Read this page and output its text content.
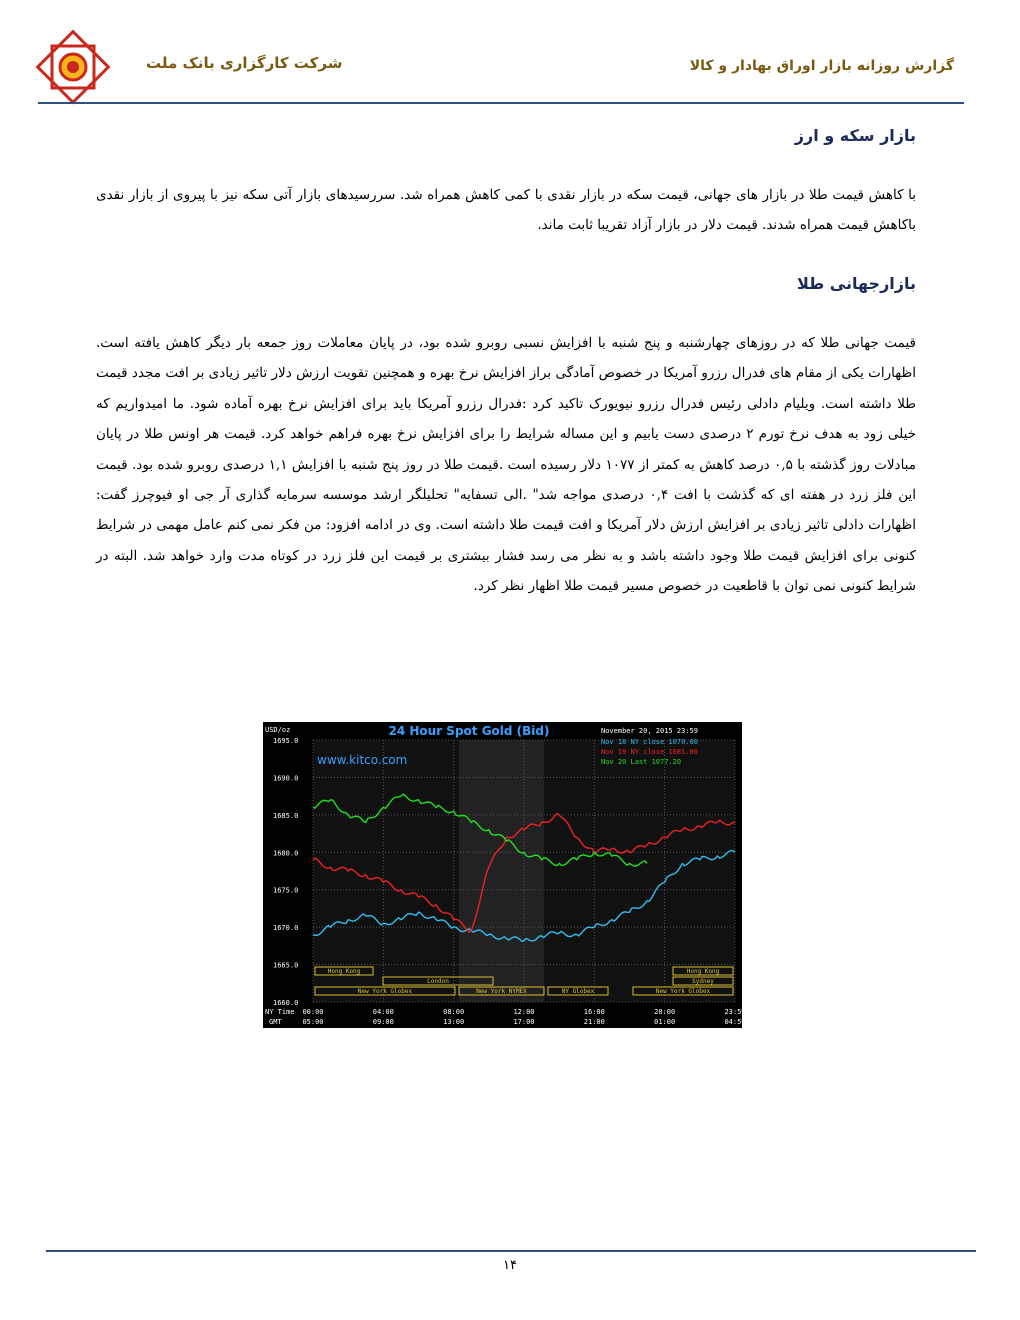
شرکت کارگزاری بانک ملت	گزارش روزانه بازار اوراق بهادار و کالا
بازار سکه و ارز

با کاهش قیمت طلا در بازار های جهانی، قیمت سکه در بازار نقدی با کمی کاهش همراه شد. سررسیدهای بازار آتی سکه نیز با پیروی از بازار نقدی باکاهش قیمت همراه شدند. قیمت دلار در بازار آزاد تقریبا ثابت ماند.

بازارجهانی طلا

قیمت جهانی طلا که در روزهای چهارشنبه و پنج شنبه با افزایش نسبی روبرو شده بود، در پایان معاملات روز جمعه بار دیگر کاهش یافته است. اظهارات یکی از مقام های فدرال رزرو آمریکا در خصوص آمادگی براز افزایش نرخ بهره و همچنین تقویت ارزش دلار تاثیر زیادی بر افت مجدد قیمت طلا داشته است. ویلیام دادلی رئیس فدرال رزرو نیویورک تاکید کرد :فدرال رزرو آمریکا باید برای افزایش نرخ بهره آماده شود. ما امیدواریم که خیلی زود به هدف نرخ تورم ۲ درصدی دست یابیم و این مساله شرایط را برای افزایش نرخ بهره فراهم خواهد کرد. قیمت هر اونس طلا در پایان مبادلات روز گذشته با ۰,۵ درصد کاهش به کمتر از ۱۰۷۷ دلار رسیده است .قیمت طلا در روز پنج شنبه با افزایش ۱,۱ درصدی روبرو شده بود. قیمت این فلز زرد در هفته ای که گذشت با افت ۰,۴ درصدی مواجه شد" .الی تسفایه" تحلیلگر ارشد موسسه سرمایه گذاری آر جی او فیوچرز گفت: اظهارات دادلی تاثیر زیادی بر افزایش ارزش دلار آمریکا و افت قیمت طلا داشته است. وی در ادامه افزود: من فکر نمی کنم عامل مهمی در شرایط کنونی برای افزایش قیمت طلا وجود داشته باشد و به نظر می رسد فشار بیشتری بر قیمت این فلز زرد در کوتاه مدت وارد خواهد شد. البته در شرایط کنونی نمی توان با قاطعیت در خصوص مسیر قیمت طلا اظهار نظر کرد.

1695.0
1690.0
1685.0
1680.0
1675.0
1670.0
1665.0
1660.0
00:00
05:00
04:00
09:00
08:00
13:00
12:00
17:00
16:00
21:00
20:00
01:00
23:59
04:59
Hong Kong
London
New York Globex	New York NYMEX	NY Globex
Hong Kong
Sydney
New York Globex
24 Hour Spot Gold (Bid)
www.kitco.com
USD/oz	November 20, 2015 23:59
Nov 18 NY close 1070.00
Nov 19 NY close 1081.00
Nov 20 Last 1077.20
NY Time
GMT
۱۴
